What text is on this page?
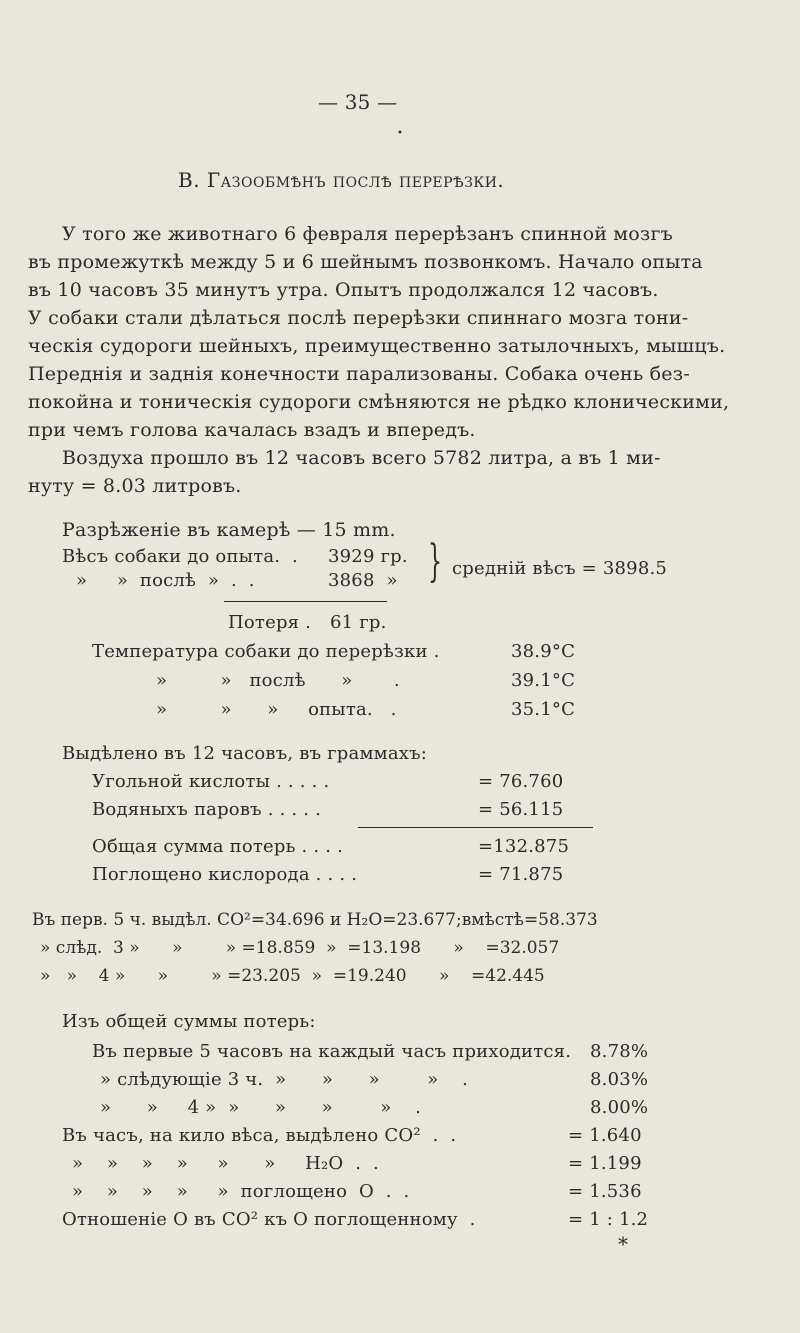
— 35 —
•
В. Газообмѣнъ послѣ перерѣзки.
У того же животнаго 6 февраля перерѣзанъ спинной мозгъ
въ промежуткѣ между 5 и 6 шейнымъ позвонкомъ. Начало опыта
въ 10 часовъ 35 минутъ утра. Опытъ продолжался 12 часовъ.
У собаки стали дѣлаться послѣ перерѣзки спиннаго мозга тони-
ческія судороги шейныхъ, преимущественно затылочныхъ, мышцъ.
Переднія и заднія конечности парализованы. Собака очень без-
покойна и тоническія судороги смѣняются не рѣдко клоническими,
при чемъ голова качалась взадъ и впередъ.
Воздуха прошло въ 12 часовъ всего 5782 литра, а въ 1 ми-
нуту = 8.03 литровъ.
Разрѣженіе въ камерѣ — 15 mm.
Вѣсъ собаки до опыта.  . 3929 гр.
»     »  послѣ  »  .  .	3868  » } средній вѣсъ = 3898.5
Потеря . 61 гр.
Температура собаки до перерѣзки .	38.9°C
»         »   послѣ      »       .	39.1°C
»         »      »     опыта.   .	35.1°C
Выдѣлено въ 12 часовъ, въ граммахъ:
Угольной кислоты . . . . .	= 76.760
Водяныхъ паровъ . . . . .	= 56.115
Общая сумма потерь . . . .	=132.875
Поглощено кислорода . . . .	= 71.875
Въ перв. 5 ч. выдѣл. CO²=34.696 и H₂O=23.677;вмѣстѣ=58.373
» слѣд.  3 »      »        » =18.859  »  =13.198      »    =32.057
»   »    4 »      »        » =23.205  »  =19.240      »    =42.445
Изъ общей суммы потерь:
Въ первые 5 часовъ на каждый часъ приходится. 8.78%
» слѣдующіе 3 ч.  »      »      »        »    .	8.03%
»      »     4 »  »      »      »        »    .	8.00%
Въ часъ, на кило вѣса, выдѣлено CO²  .  .	= 1.640
»    »    »    »     »      »     H₂O  .  .	= 1.199
»    »    »    »     »  поглощено  O  .  .	= 1.536
Отношеніе O въ CO² къ O поглощенному  .	= 1 : 1.2
*
